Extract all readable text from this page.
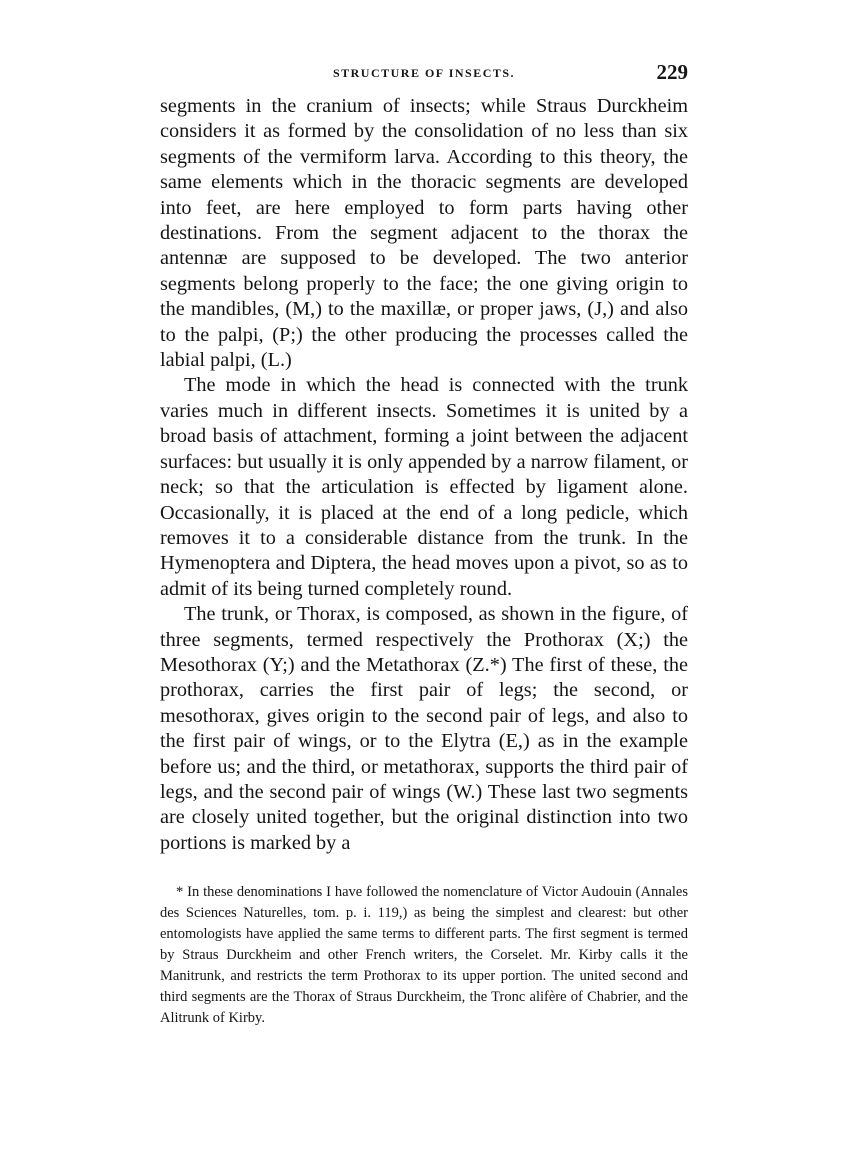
STRUCTURE OF INSECTS.	229

segments in the cranium of insects; while Straus Durckheim considers it as formed by the consolidation of no less than six segments of the vermiform larva. According to this theory, the same elements which in the thoracic segments are developed into feet, are here employed to form parts having other destinations. From the segment adjacent to the thorax the antennæ are supposed to be developed. The two anterior segments belong properly to the face; the one giving origin to the mandibles, (M,) to the maxillæ, or proper jaws, (J,) and also to the palpi, (P;) the other producing the processes called the labial palpi, (L.)

The mode in which the head is connected with the trunk varies much in different insects. Sometimes it is united by a broad basis of attachment, forming a joint between the adjacent surfaces: but usually it is only appended by a narrow filament, or neck; so that the articulation is effected by ligament alone. Occasionally, it is placed at the end of a long pedicle, which removes it to a considerable distance from the trunk. In the Hymenoptera and Diptera, the head moves upon a pivot, so as to admit of its being turned completely round.

The trunk, or Thorax, is composed, as shown in the figure, of three segments, termed respectively the Prothorax (X;) the Mesothorax (Y;) and the Metathorax (Z.*) The first of these, the prothorax, carries the first pair of legs; the second, or mesothorax, gives origin to the second pair of legs, and also to the first pair of wings, or to the Elytra (E,) as in the example before us; and the third, or metathorax, supports the third pair of legs, and the second pair of wings (W.) These last two segments are closely united together, but the original distinction into two portions is marked by a

* In these denominations I have followed the nomenclature of Victor Audouin (Annales des Sciences Naturelles, tom. p. i. 119,) as being the simplest and clearest: but other entomologists have applied the same terms to different parts. The first segment is termed by Straus Durckheim and other French writers, the Corselet. Mr. Kirby calls it the Manitrunk, and restricts the term Prothorax to its upper portion. The united second and third segments are the Thorax of Straus Durckheim, the Tronc alifère of Chabrier, and the Alitrunk of Kirby.
